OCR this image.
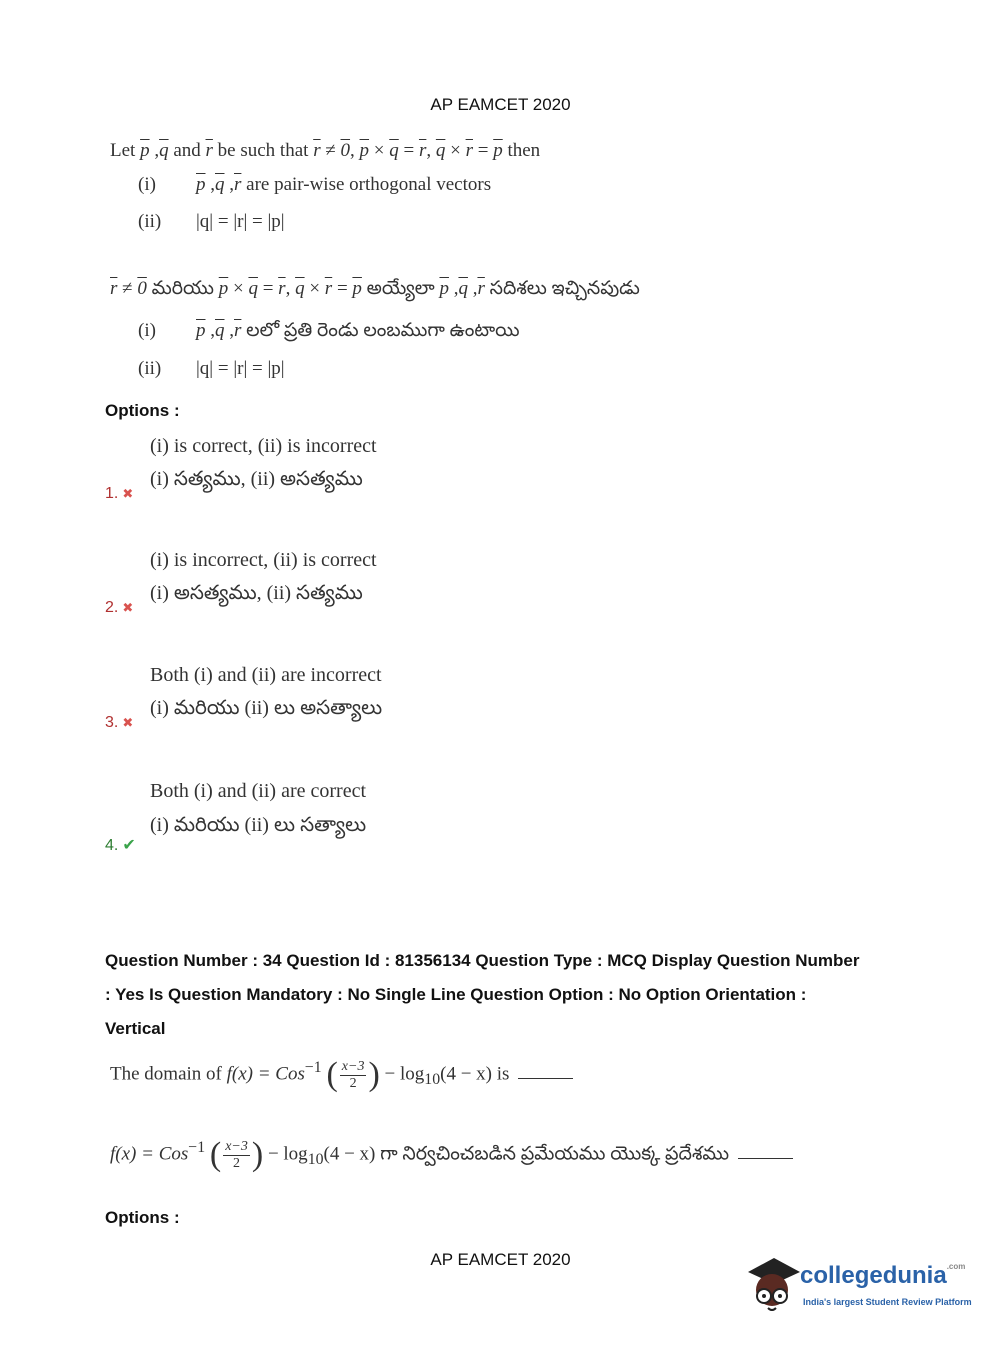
AP EAMCET 2020
Let $\overline{p}$ $,\overline{q}$ and $\overline{r}$ be such that $\overline{r} \ne 0$, $\overline{p} \times \overline{q} = \overline{r}$, $\overline{q} \times \overline{r} = \overline{p}$ then
(i) $\overline{p}$ $,\overline{q}$ $,\overline{r}$ are pair-wise orthogonal vectors
(ii) |q| = |r| = |p|
$\overline{r} \ne 0$ మరియు $\overline{p} \times \overline{q} = \overline{r}$, $\overline{q} \times \overline{r} = \overline{p}$ అయ్యేలా $\overline{p}$ $,\overline{q}$ $,\overline{r}$ సదిశలు ఇచ్చినపుడు
(i) $\overline{p}$ $,\overline{q}$ $,\overline{r}$ లలో ప్రతి రెండు లంబముగా ఉంటాయి
(ii) |q| = |r| = |p|
Options :
(i) is correct, (ii) is incorrect
(i) సత్యము, (ii) అసత్యము
1. ✖
(i) is incorrect, (ii) is correct
(i) అసత్యము, (ii) సత్యము
2. ✖
Both (i) and (ii) are incorrect
(i) మరియు (ii) లు అసత్యాలు
3. ✖
Both (i) and (ii) are correct
(i) మరియు (ii) లు సత్యాలు
4. ✔
Question Number : 34 Question Id : 81356134 Question Type : MCQ Display Question Number
: Yes Is Question Mandatory : No Single Line Question Option : No Option Orientation :
Vertical
The domain of f(x) = Cos$^{-1}$ ( $\frac{x-3}{2}$ ) − $\log_{10}(4 - x)$ is
f(x) = Cos$^{-1}$ ( $\frac{x-3}{2}$ ) − $\log_{10}(4 - x)$ గా నిర్వచించబడిన ప్రమేయము యొక్క ప్రదేశము
Options :
AP EAMCET 2020
collegedunia$^{.com}$
India's largest Student Review Platform
